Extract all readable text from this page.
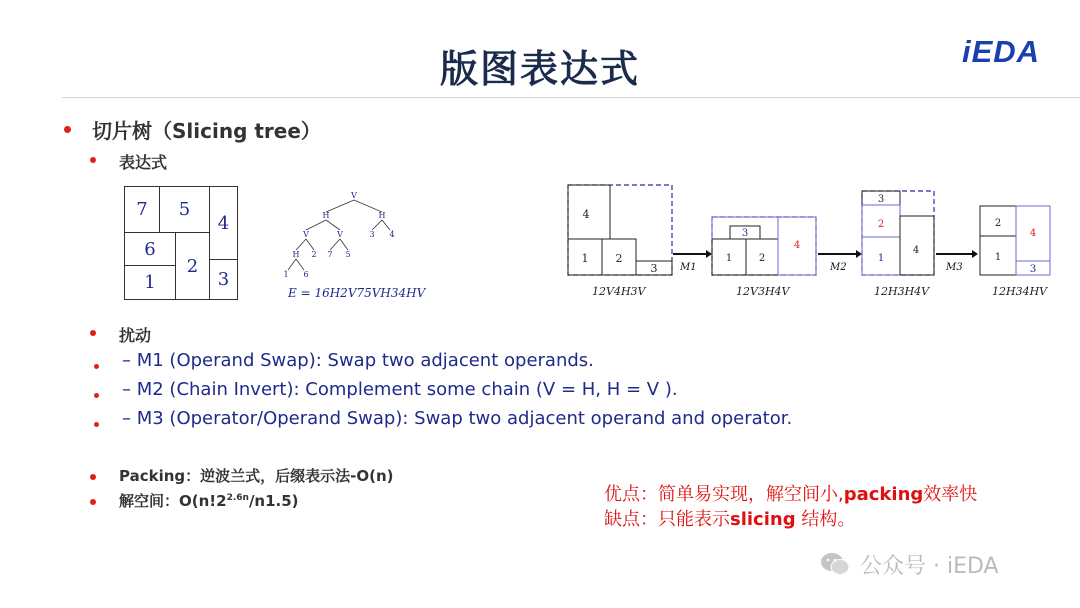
版图表达式	iEDA
切片树（Slicing tree）
表达式
7	5
4
6
2
1	3
V
H	H
V	V	3 4
H 2 7 5
1 6
E = 16H2V75VH34HV
4
1 2
3 M1
3
1	2
4
M2
3
2
1
4
M3
2
4
1
3
12V4H3V	12V3H4V	12H3H4V	12H34HV
扰动
– M1 (Operand Swap): Swap two adjacent operands.
– M2 (Chain Invert): Complement some chain (V = H, H = V ).
– M3 (Operator/Operand Swap): Swap two adjacent operand and operator.
Packing：逆波兰式，后缀表示法-O(n)
解空间：$O(n!2^{2.6n}/n1.5)$	优点：简单易实现，解空间小,packing效率快
缺点：只能表示slicing 结构。
公众号 · iEDA
